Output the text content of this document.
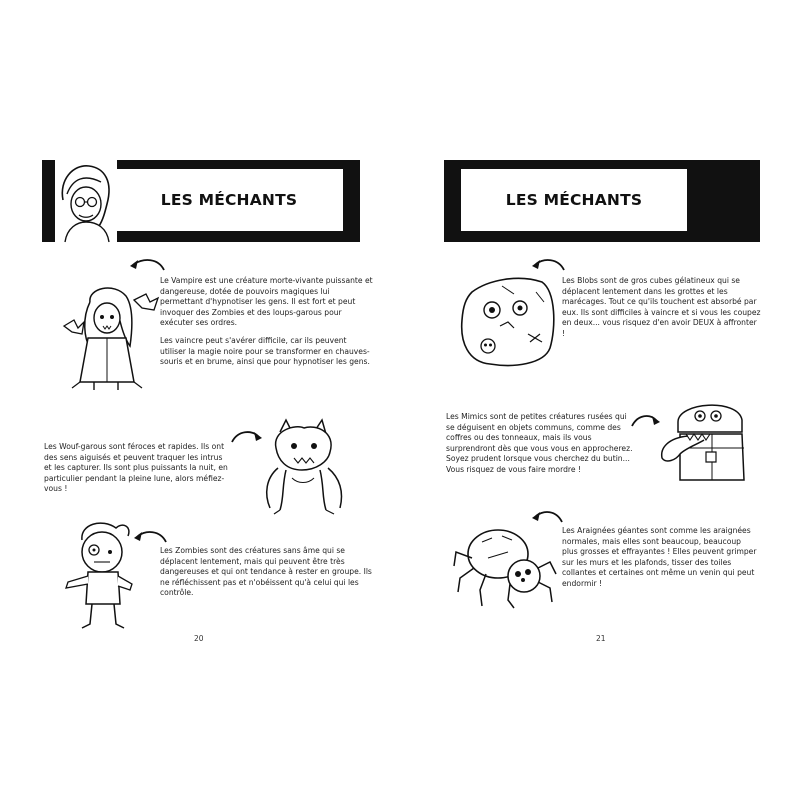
LES MÉCHANTS

Le Vampire est une créature morte-vivante puissante et dangereuse, dotée de pouvoirs magiques lui permettant d'hypnotiser les gens. Il est fort et peut invoquer des Zombies et des loups-garous pour exécuter ses ordres.

Les vaincre peut s'avérer difficile, car ils peuvent utiliser la magie noire pour se transformer en chauves-souris et en brume, ainsi que pour hypnotiser les gens.

Les Wouf-garous sont féroces et rapides. Ils ont des sens aiguisés et peuvent traquer les intrus et les capturer. Ils sont plus puissants la nuit, en particulier pendant la pleine lune, alors méfiez-vous !

Les Zombies sont des créatures sans âme qui se déplacent lentement, mais qui peuvent être très dangereuses et qui ont tendance à rester en groupe. Ils ne réfléchissent pas et n'obéissent qu'à celui qui les contrôle.

20
LES MÉCHANTS

Les Blobs sont de gros cubes gélatineux qui se déplacent lentement dans les grottes et les marécages. Tout ce qu'ils touchent est absorbé par eux. Ils sont difficiles à vaincre et si vous les coupez en deux... vous risquez d'en avoir DEUX à affronter !

Les Mimics sont de petites créatures rusées qui se déguisent en objets communs, comme des coffres ou des tonneaux, mais ils vous surprendront dès que vous vous en approcherez. Soyez prudent lorsque vous cherchez du butin... Vous risquez de vous faire mordre !

Les Araignées géantes sont comme les araignées normales, mais elles sont beaucoup, beaucoup plus grosses et effrayantes ! Elles peuvent grimper sur les murs et les plafonds, tisser des toiles collantes et certaines ont même un venin qui peut endormir !

21
